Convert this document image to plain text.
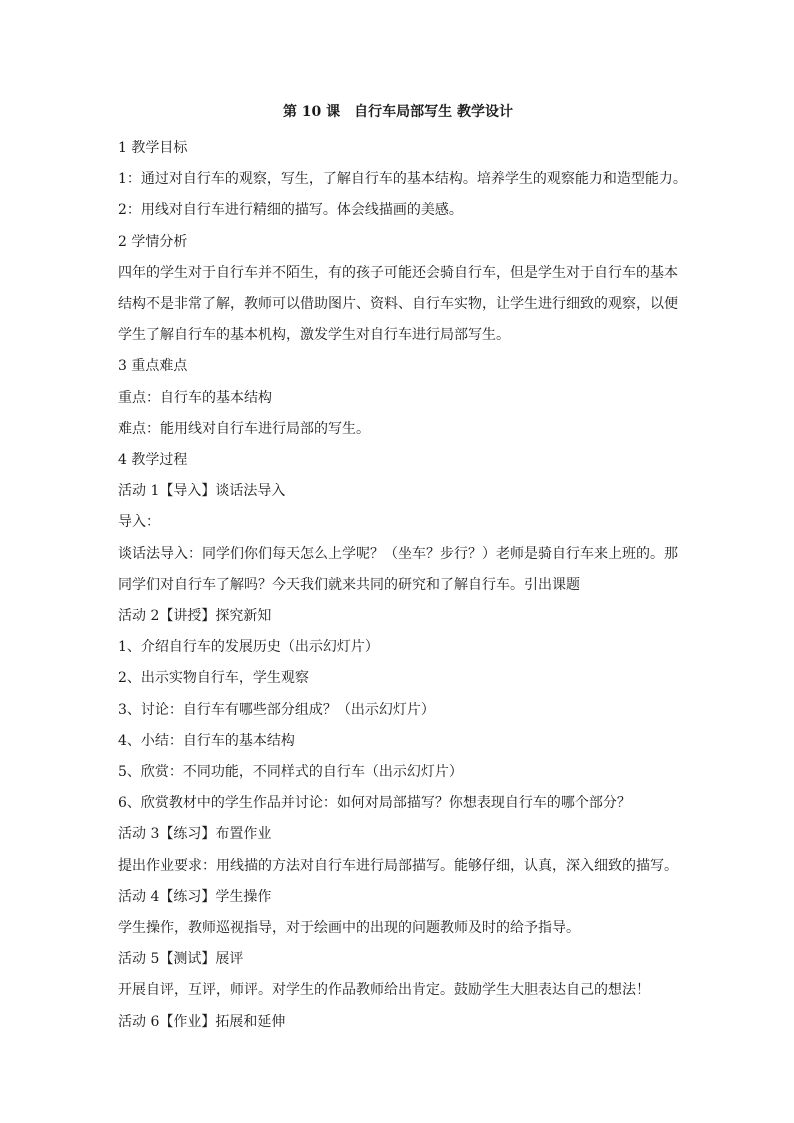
第 10 课　自行车局部写生 教学设计
1 教学目标
1：通过对自行车的观察，写生，了解自行车的基本结构。培养学生的观察能力和造型能力。
2：用线对自行车进行精细的描写。体会线描画的美感。
2 学情分析
四年的学生对于自行车并不陌生，有的孩子可能还会骑自行车，但是学生对于自行车的基本
结构不是非常了解，教师可以借助图片、资料、自行车实物，让学生进行细致的观察，以便
学生了解自行车的基本机构，激发学生对自行车进行局部写生。
3 重点难点
重点：自行车的基本结构
难点：能用线对自行车进行局部的写生。
4 教学过程
活动 1【导入】谈话法导入
导入：
谈话法导入：同学们你们每天怎么上学呢？（坐车？步行？）老师是骑自行车来上班的。那
同学们对自行车了解吗？今天我们就来共同的研究和了解自行车。引出课题
活动 2【讲授】探究新知
1、介绍自行车的发展历史（出示幻灯片）
2、出示实物自行车，学生观察
3、讨论：自行车有哪些部分组成？（出示幻灯片）
4、小结：自行车的基本结构
5、欣赏：不同功能，不同样式的自行车（出示幻灯片）
6、欣赏教材中的学生作品并讨论：如何对局部描写？你想表现自行车的哪个部分？
活动 3【练习】布置作业
提出作业要求：用线描的方法对自行车进行局部描写。能够仔细，认真，深入细致的描写。
活动 4【练习】学生操作
学生操作，教师巡视指导，对于绘画中的出现的问题教师及时的给予指导。
活动 5【测试】展评
开展自评，互评，师评。对学生的作品教师给出肯定。鼓励学生大胆表达自己的想法！
活动 6【作业】拓展和延伸
